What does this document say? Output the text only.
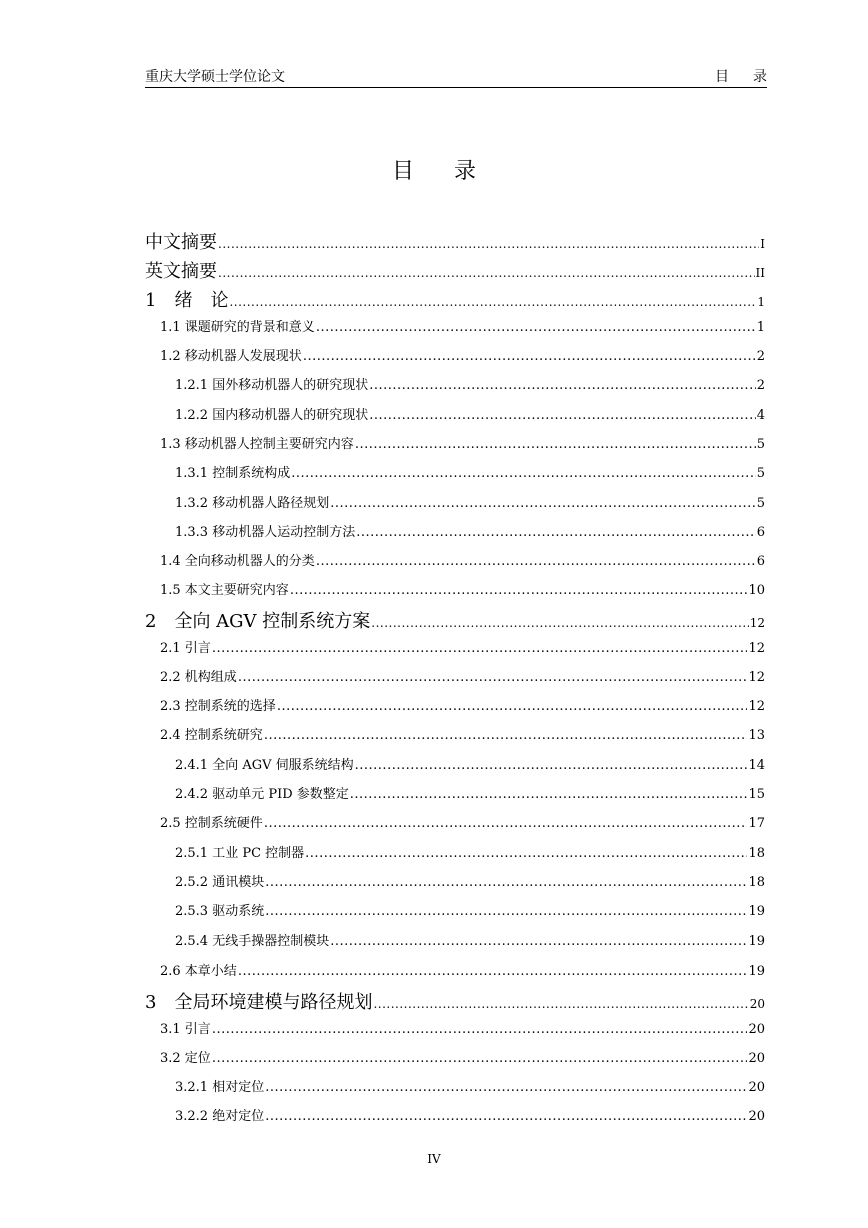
重庆大学硕士学位论文	目录
目录
中文摘要 .....	I
英文摘要 .....	II
1　绪　论 .....	1
1.1 课题研究的背景和意义 .....	1
1.2 移动机器人发展现状 .....	2
1.2.1 国外移动机器人的研究现状 .....	2
1.2.2 国内移动机器人的研究现状 .....	4
1.3 移动机器人控制主要研究内容 .....	5
1.3.1 控制系统构成 .....	5
1.3.2 移动机器人路径规划 .....	5
1.3.3 移动机器人运动控制方法 .....	6
1.4 全向移动机器人的分类 .....	6
1.5 本文主要研究内容 .....	10
2　全向 AGV 控制系统方案 .....	12
2.1 引言 .....	12
2.2 机构组成 .....	12
2.3 控制系统的选择 .....	12
2.4 控制系统研究 .....	13
2.4.1 全向 AGV 伺服系统结构 .....	14
2.4.2 驱动单元 PID 参数整定 .....	15
2.5 控制系统硬件 .....	17
2.5.1 工业 PC 控制器 .....	18
2.5.2 通讯模块 .....	18
2.5.3 驱动系统 .....	19
2.5.4 无线手操器控制模块 .....	19
2.6 本章小结 .....	19
3　全局环境建模与路径规划 .....	20
3.1 引言 .....	20
3.2 定位 .....	20
3.2.1 相对定位 .....	20
3.2.2 绝对定位 .....	20
IV
